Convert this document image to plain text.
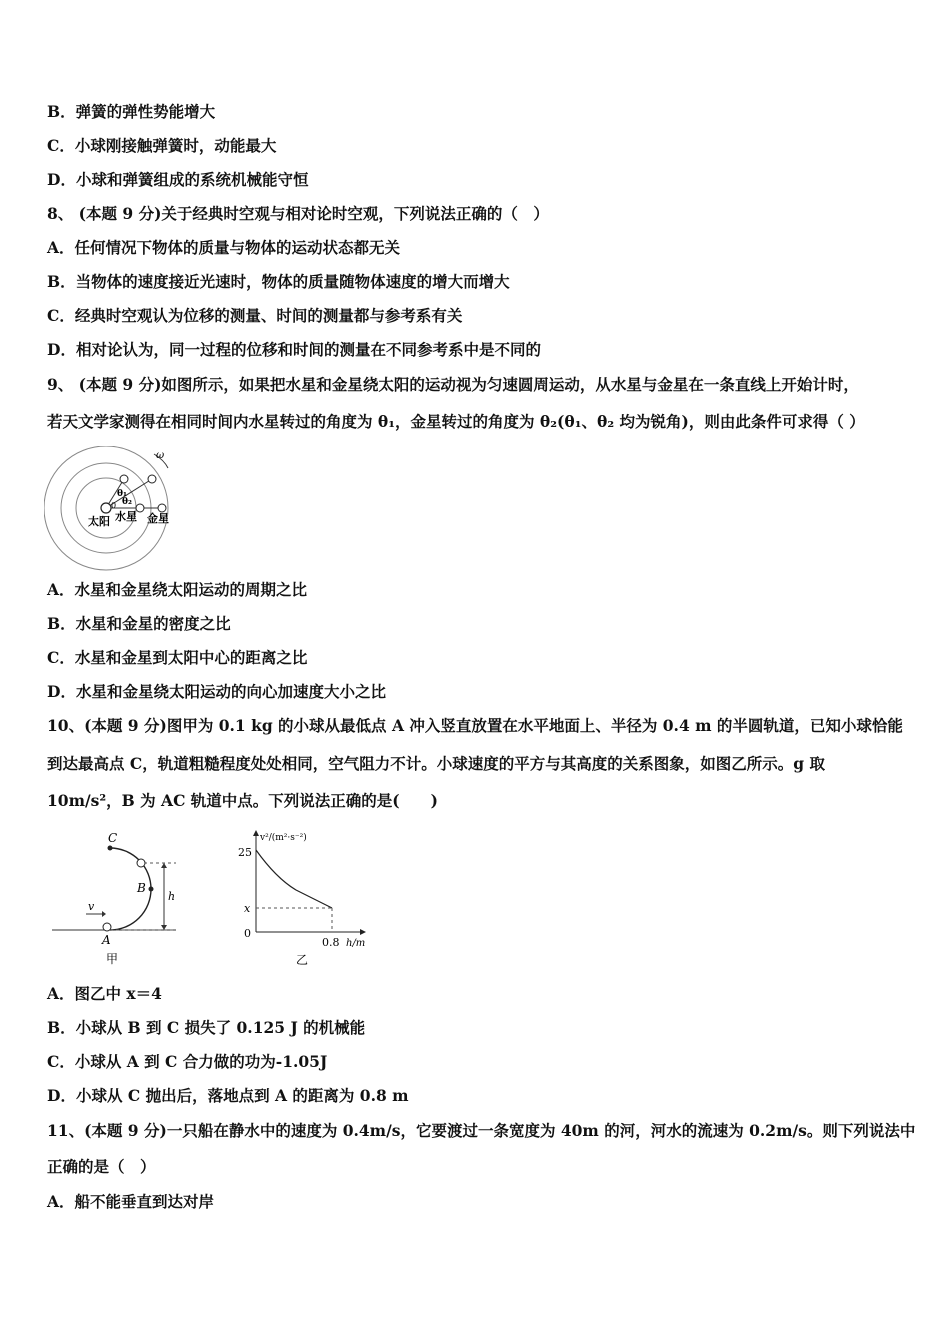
B．弹簧的弹性势能增大
C．小球刚接触弹簧时，动能最大
D．小球和弹簧组成的系统机械能守恒
8、 (本题 9 分)关于经典时空观与相对论时空观，下列说法正确的（　）
A．任何情况下物体的质量与物体的运动状态都无关
B．当物体的速度接近光速时，物体的质量随物体速度的增大而增大
C．经典时空观认为位移的测量、时间的测量都与参考系有关
D．相对论认为，同一过程的位移和时间的测量在不同参考系中是不同的
9、 (本题 9 分)如图所示，如果把水星和金星绕太阳的运动视为匀速圆周运动，从水星与金星在一条直线上开始计时，
若天文学家测得在相同时间内水星转过的角度为 θ₁，金星转过的角度为 θ₂(θ₁、θ₂ 均为锐角)，则由此条件可求得（ ）
ω
θ₁
θ₂
0
太阳 水星 金星
A．水星和金星绕太阳运动的周期之比
B．水星和金星的密度之比
C．水星和金星到太阳中心的距离之比
D．水星和金星绕太阳运动的向心加速度大小之比
10、(本题 9 分)图甲为 0.1 kg 的小球从最低点 A 冲入竖直放置在水平地面上、半径为 0.4 m 的半圆轨道，已知小球恰能
到达最高点 C，轨道粗糙程度处处相同，空气阻力不计。小球速度的平方与其高度的关系图象，如图乙所示。g 取
10m/s²，B 为 AC 轨道中点。下列说法正确的是(　　)
C
B
A
v
h
甲
v²/(m²·s⁻²)
25
x
0
0.8 h/m
乙
A．图乙中 x＝4
B．小球从 B 到 C 损失了 0.125 J 的机械能
C．小球从 A 到 C 合力做的功为-1.05J
D．小球从 C 抛出后，落地点到 A 的距离为 0.8 m
11、(本题 9 分)一只船在静水中的速度为 0.4m/s，它要渡过一条宽度为 40m 的河，河水的流速为 0.2m/s。则下列说法中
正确的是（　）
A．船不能垂直到达对岸
